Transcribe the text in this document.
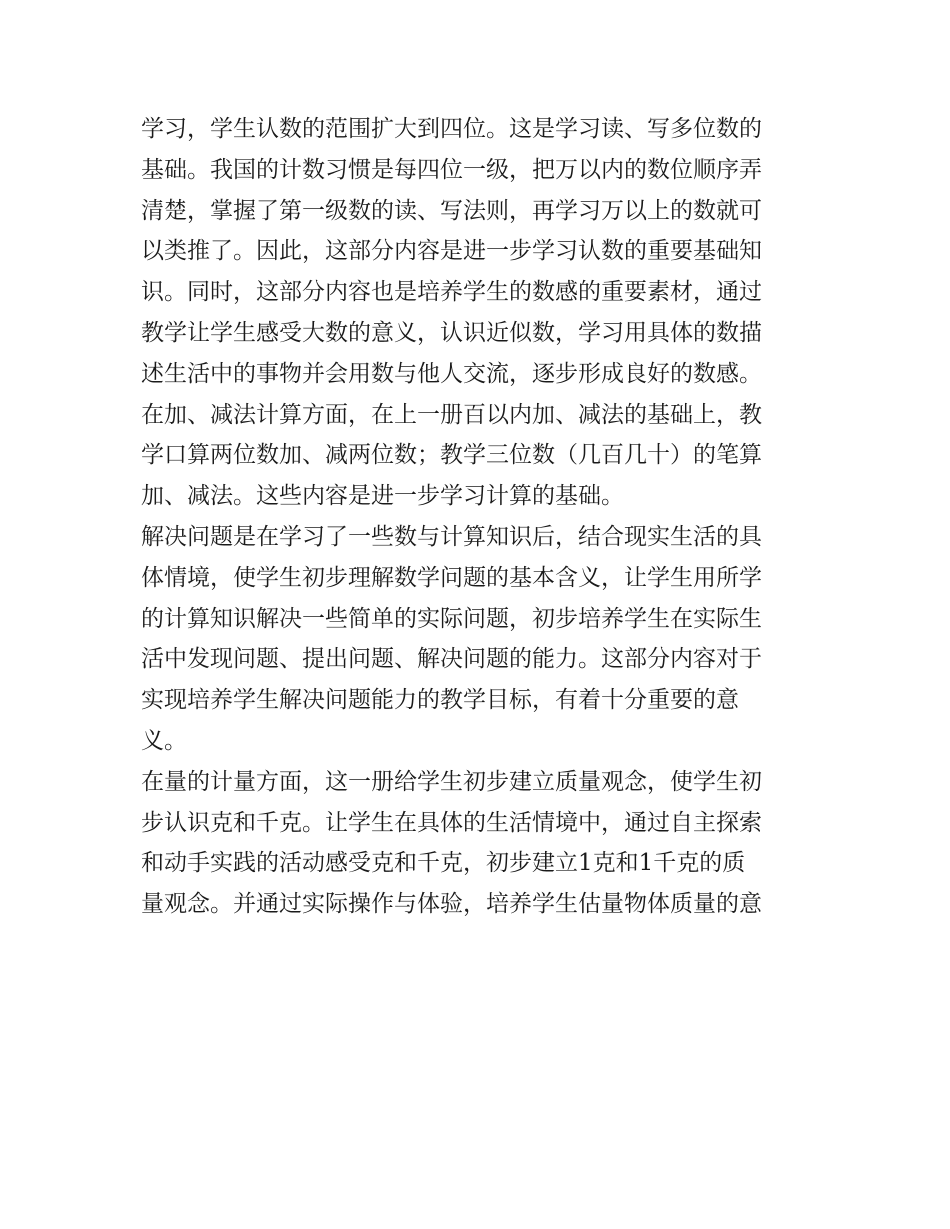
学习，学生认数的范围扩大到四位。这是学习读、写多位数的
基础。我国的计数习惯是每四位一级，把万以内的数位顺序弄
清楚，掌握了第一级数的读、写法则，再学习万以上的数就可
以类推了。因此，这部分内容是进一步学习认数的重要基础知
识。同时，这部分内容也是培养学生的数感的重要素材，通过
教学让学生感受大数的意义，认识近似数，学习用具体的数描
述生活中的事物并会用数与他人交流，逐步形成良好的数感。
在加、减法计算方面，在上一册百以内加、减法的基础上，教
学口算两位数加、减两位数；教学三位数（几百几十）的笔算
加、减法。这些内容是进一步学习计算的基础。
解决问题是在学习了一些数与计算知识后，结合现实生活的具
体情境，使学生初步理解数学问题的基本含义，让学生用所学
的计算知识解决一些简单的实际问题，初步培养学生在实际生
活中发现问题、提出问题、解决问题的能力。这部分内容对于
实现培养学生解决问题能力的教学目标，有着十分重要的意
义。
在量的计量方面，这一册给学生初步建立质量观念，使学生初
步认识克和千克。让学生在具体的生活情境中，通过自主探索
和动手实践的活动感受克和千克，初步建立1克和1千克的质
量观念。并通过实际操作与体验，培养学生估量物体质量的意
